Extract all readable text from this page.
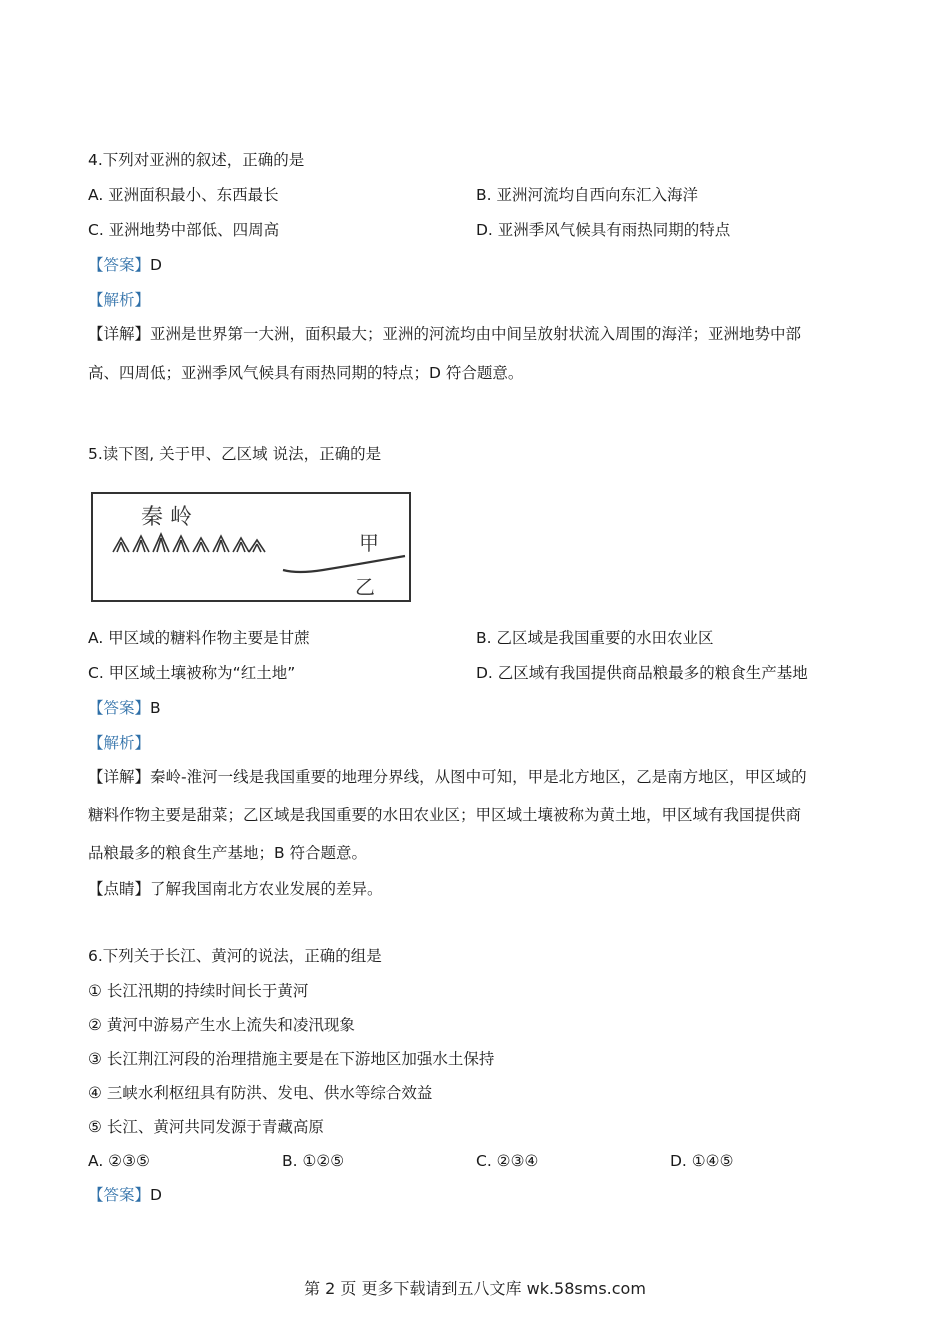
4.下列对亚洲的叙述，正确的是
A. 亚洲面积最小、东西最长	B. 亚洲河流均自西向东汇入海洋
C. 亚洲地势中部低、四周高	D. 亚洲季风气候具有雨热同期的特点
【答案】D
【解析】
【详解】亚洲是世界第一大洲，面积最大；亚洲的河流均由中间呈放射状流入周围的海洋；亚洲地势中部
高、四周低；亚洲季风气候具有雨热同期的特点；D 符合题意。
5.读下图, 关于甲、乙区域 说法，正确的是
秦 岭
甲
乙
A. 甲区域的糖料作物主要是甘蔗	B. 乙区域是我国重要的水田农业区
C. 甲区域土壤被称为“红土地”	D. 乙区域有我国提供商品粮最多的粮食生产基地
【答案】B
【解析】
【详解】秦岭-淮河一线是我国重要的地理分界线，从图中可知，甲是北方地区，乙是南方地区，甲区域的
糖料作物主要是甜菜；乙区域是我国重要的水田农业区；甲区域土壤被称为黄土地，甲区域有我国提供商
品粮最多的粮食生产基地；B 符合题意。
【点睛】了解我国南北方农业发展的差异。
6.下列关于长江、黄河的说法，正确的组是
① 长江汛期的持续时间长于黄河
② 黄河中游易产生水上流失和凌汛现象
③ 长江荆江河段的治理措施主要是在下游地区加强水土保持
④ 三峡水利枢纽具有防洪、发电、供水等综合效益
⑤ 长江、黄河共同发源于青藏高原
A. ②③⑤	B. ①②⑤	C. ②③④	D. ①④⑤
【答案】D
第 2 页 更多下载请到五八文库 wk.58sms.com
